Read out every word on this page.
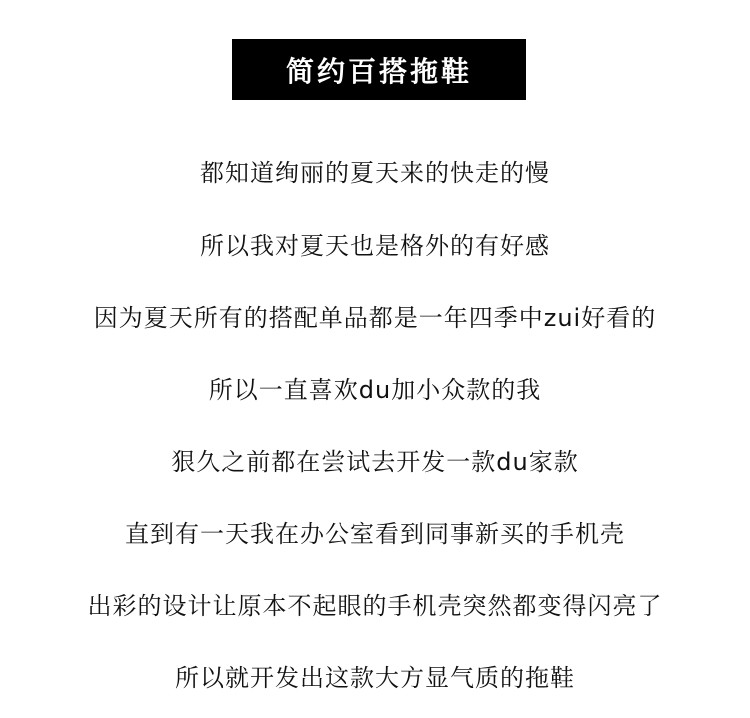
简约百搭拖鞋
都知道绚丽的夏天来的快走的慢
所以我对夏天也是格外的有好感
因为夏天所有的搭配单品都是一年四季中zui好看的
所以一直喜欢du加小众款的我
狠久之前都在尝试去开发一款du家款
直到有一天我在办公室看到同事新买的手机壳
出彩的设计让原本不起眼的手机壳突然都变得闪亮了
所以就开发出这款大方显气质的拖鞋
